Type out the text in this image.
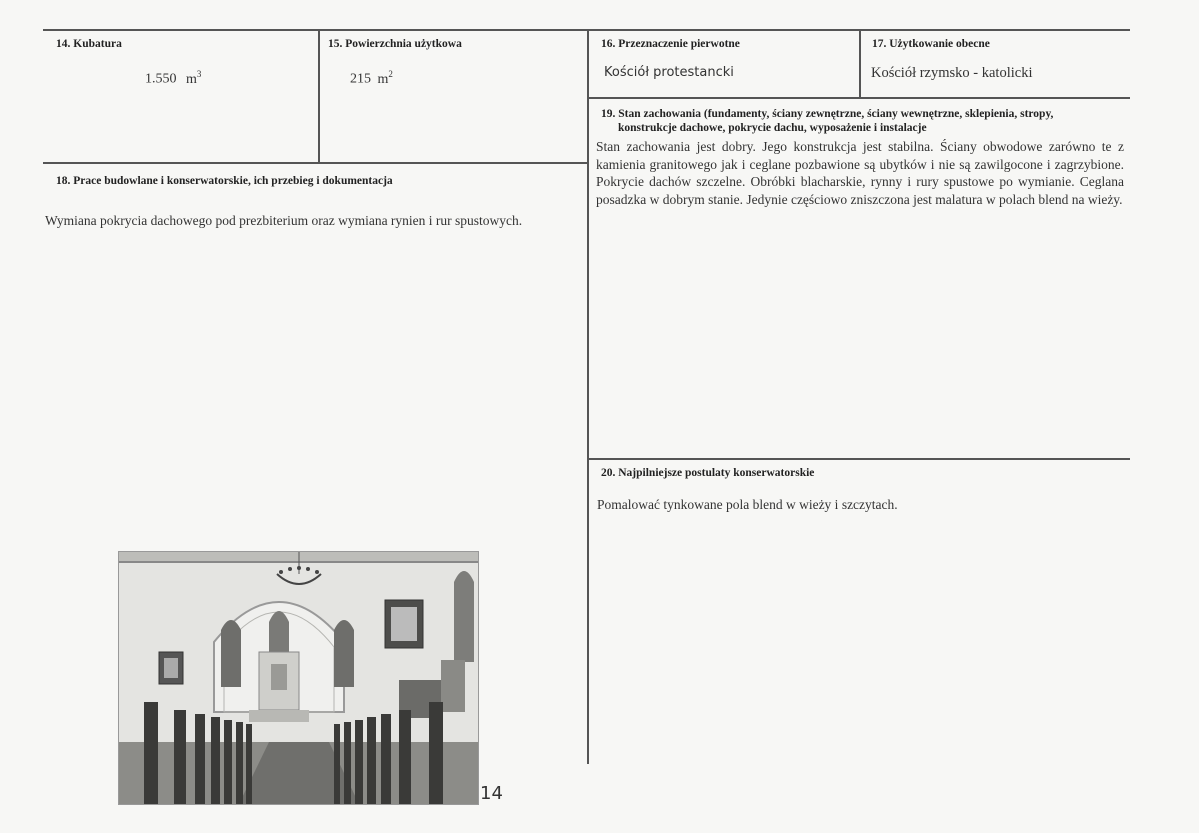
14. Kubatura
1.550 $m^3$
15. Powierzchnia użytkowa
215 $m^2$
16. Przeznaczenie pierwotne
Kościół protestancki
17. Użytkowanie obecne
Kościół rzymsko - katolicki
18. Prace budowlane i konserwatorskie, ich przebieg i dokumentacja
Wymiana pokrycia dachowego pod prezbiterium oraz wymiana rynien i rur spustowych.
19. Stan zachowania (fundamenty, ściany zewnętrzne, ściany wewnętrzne, sklepienia, stropy,
konstrukcje dachowe, pokrycie dachu, wyposażenie i instalacje
Stan zachowania jest dobry. Jego konstrukcja jest stabilna. Ściany obwodowe zarówno te z kamienia granitowego jak i ceglane pozbawione są ubytków i nie są zawilgocone i zagrzybione. Pokrycie dachów szczelne. Obróbki blacharskie, rynny i rury spustowe po wymianie. Ceglana posadzka w dobrym stanie. Jedynie częściowo zniszczona jest malatura w polach blend na wieży.
20. Najpilniejsze postulaty konserwatorskie
Pomalować tynkowane pola blend w wieży i szczytach.
14
